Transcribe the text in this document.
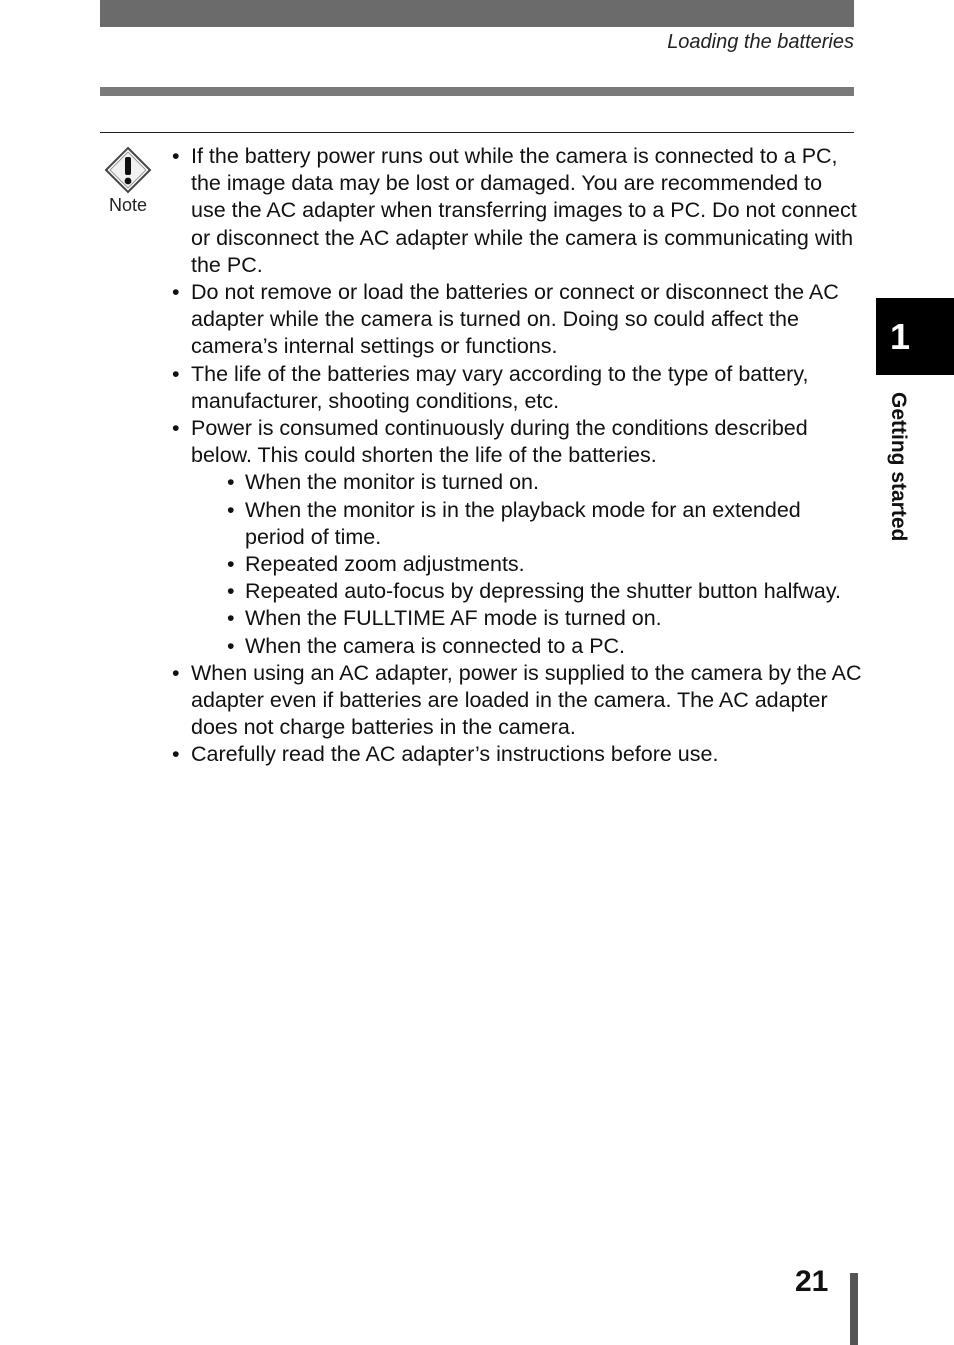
Loading the batteries
Note
• If the battery power runs out while the camera is connected to a PC, the image data may be lost or damaged. You are recommended to use the AC adapter when transferring images to a PC. Do not connect or disconnect the AC adapter while the camera is communicating with the PC.
• Do not remove or load the batteries or connect or disconnect the AC adapter while the camera is turned on. Doing so could affect the camera’s internal settings or functions.
• The life of the batteries may vary according to the type of battery, manufacturer, shooting conditions, etc.
• Power is consumed continuously during the conditions described below. This could shorten the life of the batteries.
• When the monitor is turned on.
• When the monitor is in the playback mode for an extended period of time.
• Repeated zoom adjustments.
• Repeated auto-focus by depressing the shutter button halfway.
• When the FULLTIME AF mode is turned on.
• When the camera is connected to a PC.
• When using an AC adapter, power is supplied to the camera by the AC adapter even if batteries are loaded in the camera. The AC adapter does not charge batteries in the camera.
• Carefully read the AC adapter’s instructions before use.
1
Getting started
21
